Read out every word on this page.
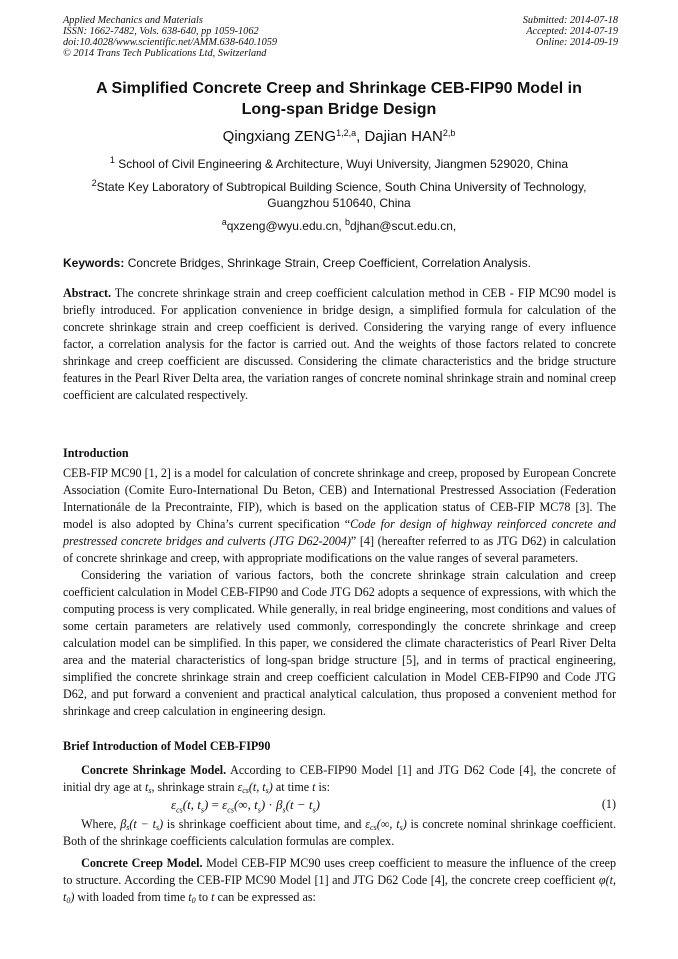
Applied Mechanics and Materials
ISSN: 1662-7482, Vols. 638-640, pp 1059-1062
doi:10.4028/www.scientific.net/AMM.638-640.1059
© 2014 Trans Tech Publications Ltd, Switzerland
Submitted: 2014-07-18
Accepted: 2014-07-19
Online: 2014-09-19
A Simplified Concrete Creep and Shrinkage CEB-FIP90 Model in
Long-span Bridge Design
Qingxiang ZENG$^{1,2,a}$, Dajian HAN$^{2,b}$
$^1$ School of Civil Engineering & Architecture, Wuyi University, Jiangmen 529020, China
$^2$State Key Laboratory of Subtropical Building Science, South China University of Technology, Guangzhou 510640, China
$^a$qxzeng@wyu.edu.cn, $^b$djhan@scut.edu.cn,
Keywords: Concrete Bridges, Shrinkage Strain, Creep Coefficient, Correlation Analysis.

Abstract. The concrete shrinkage strain and creep coefficient calculation method in CEB - FIP MC90 model is briefly introduced. For application convenience in bridge design, a simplified formula for calculation of the concrete shrinkage strain and creep coefficient is derived. Considering the varying range of every influence factor, a correlation analysis for the factor is carried out. And the weights of those factors related to concrete shrinkage and creep coefficient are discussed. Considering the climate characteristics and the bridge structure features in the Pearl River Delta area, the variation ranges of concrete nominal shrinkage strain and nominal creep coefficient are calculated respectively.

Introduction

CEB-FIP MC90 [1, 2] is a model for calculation of concrete shrinkage and creep, proposed by European Concrete Association (Comite Euro-International Du Beton, CEB) and International Prestressed Association (Federation Internationále de la Precontrainte, FIP), which is based on the application status of CEB-FIP MC78 [3]. The model is also adopted by China’s current specification “Code for design of highway reinforced concrete and prestressed concrete bridges and culverts (JTG D62-2004)” [4] (hereafter referred to as JTG D62) in calculation of concrete shrinkage and creep, with appropriate modifications on the value ranges of several parameters.

Considering the variation of various factors, both the concrete shrinkage strain calculation and creep coefficient calculation in Model CEB-FIP90 and Code JTG D62 adopts a sequence of expressions, with which the computing process is very complicated. While generally, in real bridge engineering, most conditions and values of some certain parameters are relatively used commonly, correspondingly the concrete shrinkage and creep calculation model can be simplified. In this paper, we considered the climate characteristics of Pearl River Delta area and the material characteristics of long-span bridge structure [5], and in terms of practical engineering, simplified the concrete shrinkage strain and creep coefficient calculation in Model CEB-FIP90 and Code JTG D62, and put forward a convenient and practical analytical calculation, thus proposed a convenient method for shrinkage and creep calculation in engineering design.

Brief Introduction of Model CEB-FIP90

Concrete Shrinkage Model. According to CEB-FIP90 Model [1] and JTG D62 Code [4], the concrete of initial dry age at $t_s$, shrinkage strain $\varepsilon_{cs}(t$, $t_s$) at time t is:

$\varepsilon_{cs}(t$, $t_s) = \varepsilon_{cs}(\infty$, $t_s) \cdot \beta_s(t - t_s)$	(1)

Where, $\beta_s(t - t_s)$ is shrinkage coefficient about time, and $\varepsilon_{cs}(\infty$, $t_s$) is concrete nominal shrinkage coefficient. Both of the shrinkage coefficients calculation formulas are complex.

Concrete Creep Model. Model CEB-FIP MC90 uses creep coefficient to measure the influence of the creep to structure. According the CEB-FIP MC90 Model [1] and JTG D62 Code [4], the concrete creep coefficient φ(t, $t_0$) with loaded from time $t_0$ to t can be expressed as:
